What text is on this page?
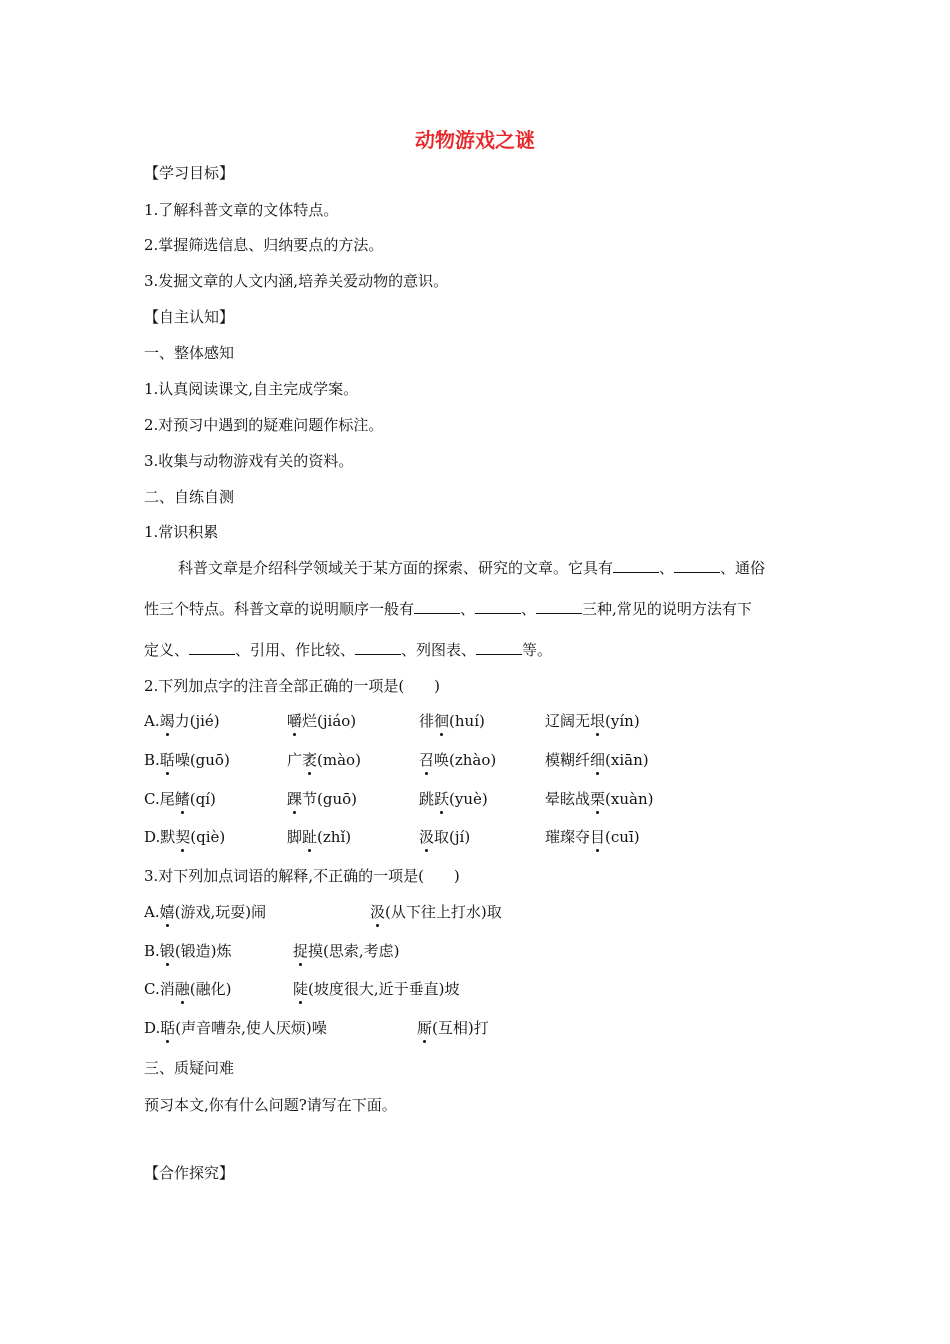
动物游戏之谜
【学习目标】
1.了解科普文章的文体特点。
2.掌握筛选信息、归纳要点的方法。
3.发掘文章的人文内涵,培养关爱动物的意识。
【自主认知】
一、整体感知
1.认真阅读课文,自主完成学案。
2.对预习中遇到的疑难问题作标注。
3.收集与动物游戏有关的资料。
二、自练自测
1.常识积累
科普文章是介绍科学领域关于某方面的探索、研究的文章。它具有	、	、通俗
性三个特点。科普文章的说明顺序一般有	、	、	三种,常见的说明方法有下
定义、	、引用、作比较、	、列图表、	等。
2.下列加点字的注音全部正确的一项是(　　)
A.竭力(jié)	嚼烂(jiáo)	徘徊(huí)	辽阔无垠(yín)
B.聒噪(guō)	广袤(mào)	召唤(zhào)	模糊纤细(xiān)
C.尾鳍(qí)	踝节(guō)	跳跃(yuè)	晕眩战栗(xuàn)
D.默契(qiè)	脚趾(zhǐ)	汲取(jí)	璀璨夺目(cuī)
3.对下列加点词语的解释,不正确的一项是(　　)
A.嬉(游戏,玩耍)闹	汲(从下往上打水)取
B.锻(锻造)炼	捉摸(思索,考虑)
C.消融(融化)	陡(坡度很大,近于垂直)坡
D.聒(声音嘈杂,使人厌烦)噪	厮(互相)打
三、质疑问难
预习本文,你有什么问题?请写在下面。
【合作探究】
